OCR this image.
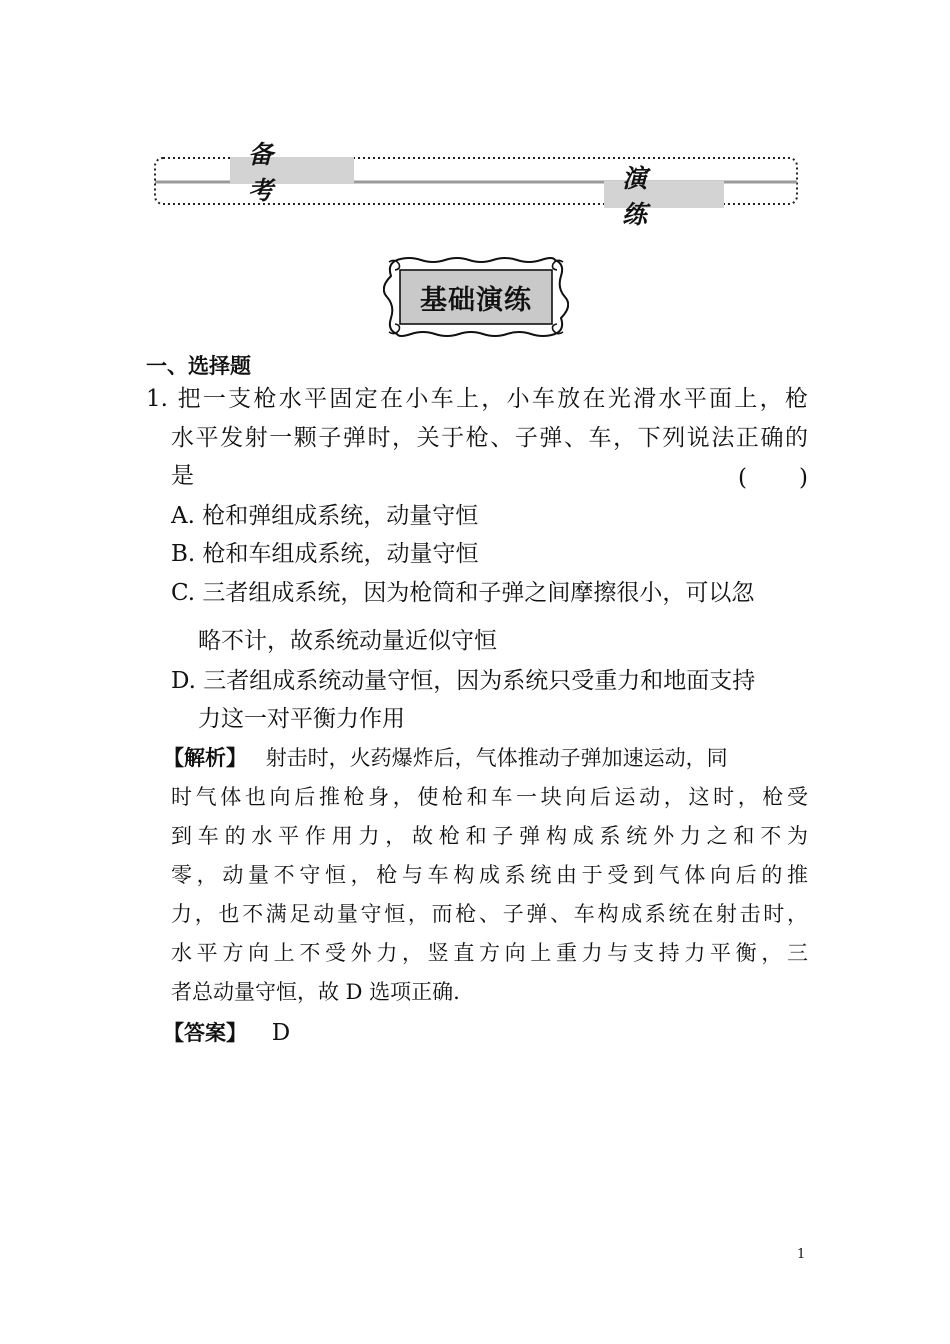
备 考	演 练
基础演练
一、选择题
1. 把一支枪水平固定在小车上，小车放在光滑水平面上，枪
水平发射一颗子弹时，关于枪、子弹、车，下列说法正确的
是	( )
A. 枪和弹组成系统，动量守恒
B. 枪和车组成系统，动量守恒
C. 三者组成系统，因为枪筒和子弹之间摩擦很小，可以忽
略不计，故系统动量近似守恒
D. 三者组成系统动量守恒，因为系统只受重力和地面支持
力这一对平衡力作用
【解析】 射击时，火药爆炸后，气体推动子弹加速运动，同
时气体也向后推枪身，使枪和车一块向后运动，这时，枪受
到车的水平作用力，故枪和子弹构成系统外力之和不为
零，动量不守恒，枪与车构成系统由于受到气体向后的推
力，也不满足动量守恒，而枪、子弹、车构成系统在射击时，
水平方向上不受外力，竖直方向上重力与支持力平衡，三
者总动量守恒，故 D 选项正确.
【答案】 D
1
